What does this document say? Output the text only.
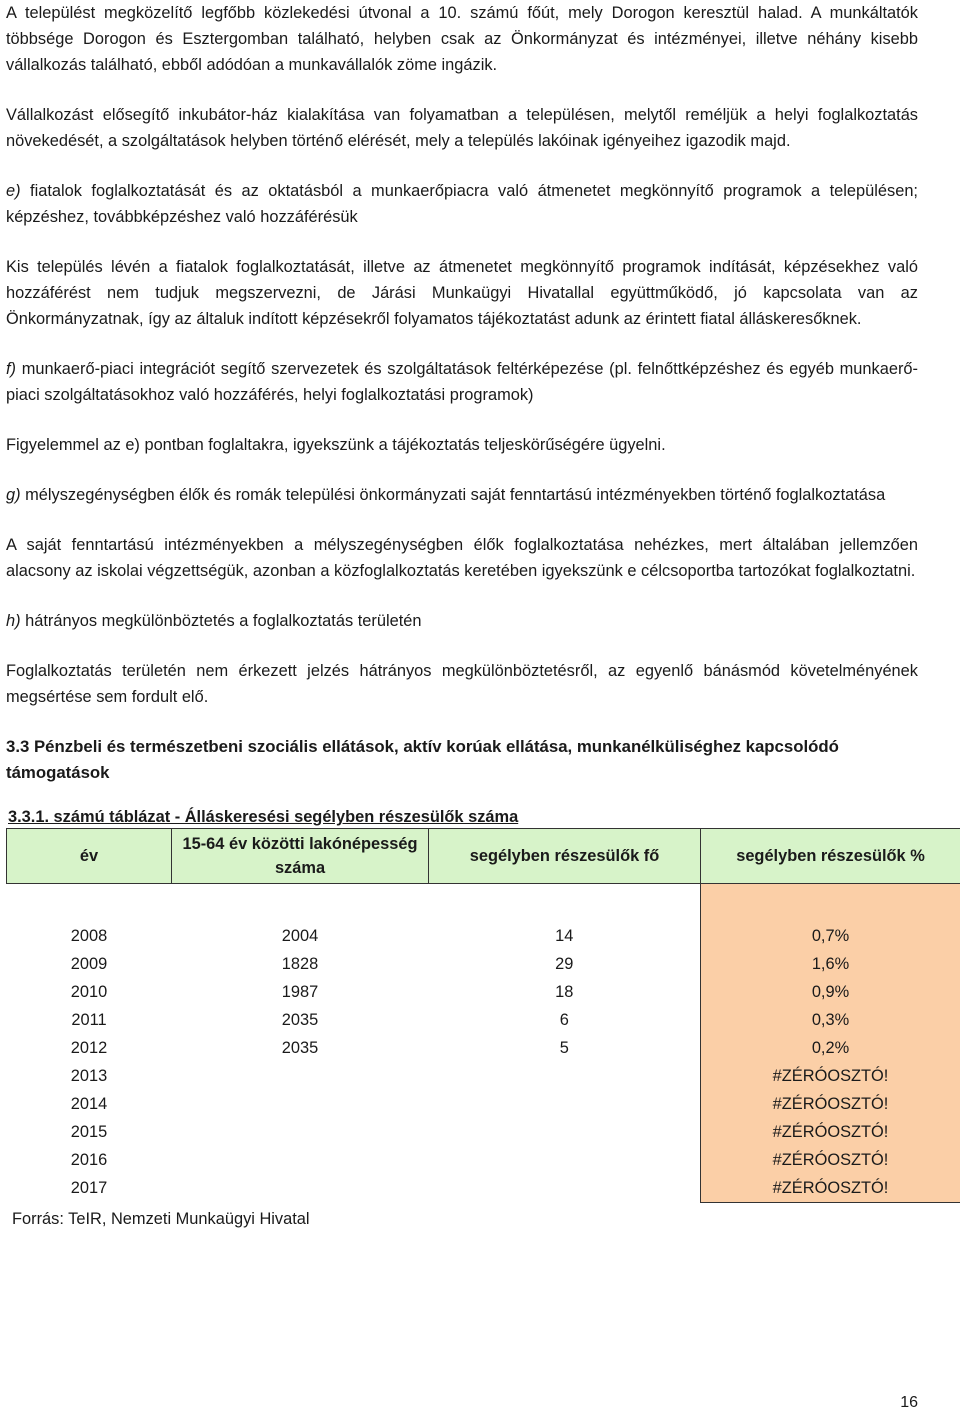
A települést megközelítő legfőbb közlekedési útvonal a 10. számú főút, mely Dorogon keresztül halad. A munkáltatók többsége Dorogon és Esztergomban található, helyben csak az Önkormányzat és intézményei, illetve néhány kisebb vállalkozás található, ebből adódóan a munkavállalók zöme ingázik.

Vállalkozást elősegítő inkubátor-ház kialakítása van folyamatban a településen, melytől reméljük a helyi foglalkoztatás növekedését, a szolgáltatások helyben történő elérését, mely a település lakóinak igényeihez igazodik majd.

e) fiatalok foglalkoztatását és az oktatásból a munkaerőpiacra való átmenetet megkönnyítő programok a településen; képzéshez, továbbképzéshez való hozzáférésük

Kis település lévén a fiatalok foglalkoztatását, illetve az átmenetet megkönnyítő programok indítását, képzésekhez való hozzáférést nem tudjuk megszervezni, de Járási Munkaügyi Hivatallal együttműködő, jó kapcsolata van az Önkormányzatnak, így az általuk indított képzésekről folyamatos tájékoztatást adunk az érintett fiatal álláskeresőknek.

f) munkaerő-piaci integrációt segítő szervezetek és szolgáltatások feltérképezése (pl. felnőttképzéshez és egyéb munkaerő-piaci szolgáltatásokhoz való hozzáférés, helyi foglalkoztatási programok)

Figyelemmel az e) pontban foglaltakra, igyekszünk a tájékoztatás teljeskörűségére ügyelni.

g) mélyszegénységben élők és romák települési önkormányzati saját fenntartású intézményekben történő foglalkoztatása

A saját fenntartású intézményekben a mélyszegénységben élők foglalkoztatása nehézkes, mert általában jellemzően alacsony az iskolai végzettségük, azonban a közfoglalkoztatás keretében igyekszünk e célcsoportba tartozókat foglalkoztatni.

h) hátrányos megkülönböztetés a foglalkoztatás területén

Foglalkoztatás területén nem érkezett jelzés hátrányos megkülönböztetésről, az egyenlő bánásmód követelményének megsértése sem fordult elő.

3.3 Pénzbeli és természetbeni szociális ellátások, aktív korúak ellátása, munkanélküliséghez kapcsolódó támogatások

3.3.1. számú táblázat - Álláskeresési segélyben részesülők száma
év	15-64 év közötti lakónépesség száma	segélyben részesülők fő	segélyben részesülők %

2008	2004	14	0,7%
2009	1828	29	1,6%
2010	1987	18	0,9%
2011	2035	6	0,3%
2012	2035	5	0,2%
2013			#ZÉRÓOSZTÓ!
2014			#ZÉRÓOSZTÓ!
2015			#ZÉRÓOSZTÓ!
2016			#ZÉRÓOSZTÓ!
2017			#ZÉRÓOSZTÓ!
Forrás: TeIR, Nemzeti Munkaügyi Hivatal
16
